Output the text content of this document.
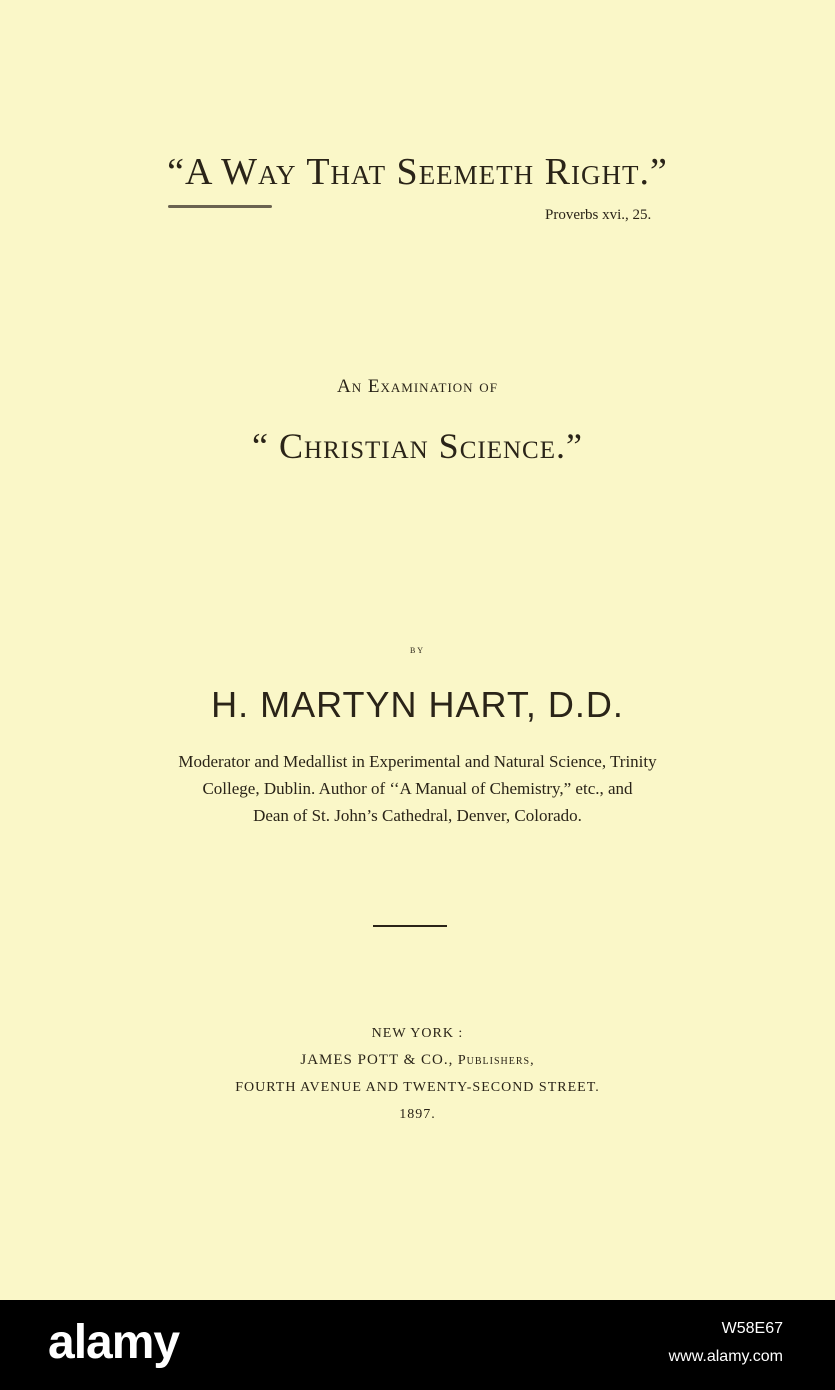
“A Way That Seemeth Right.”
Proverbs xvi., 25.
An Examination of
“ Christian Science.”
by
H. MARTYN HART, D.D.
Moderator and Medallist in Experimental and Natural Science, Trinity
College, Dublin. Author of ‘‘A Manual of Chemistry,” etc., and
Dean of St. John’s Cathedral, Denver, Colorado.
NEW YORK :
JAMES POTT & CO., Publishers,
FOURTH AVENUE AND TWENTY-SECOND STREET.
1897.
alamy	W58E67
www.alamy.com
